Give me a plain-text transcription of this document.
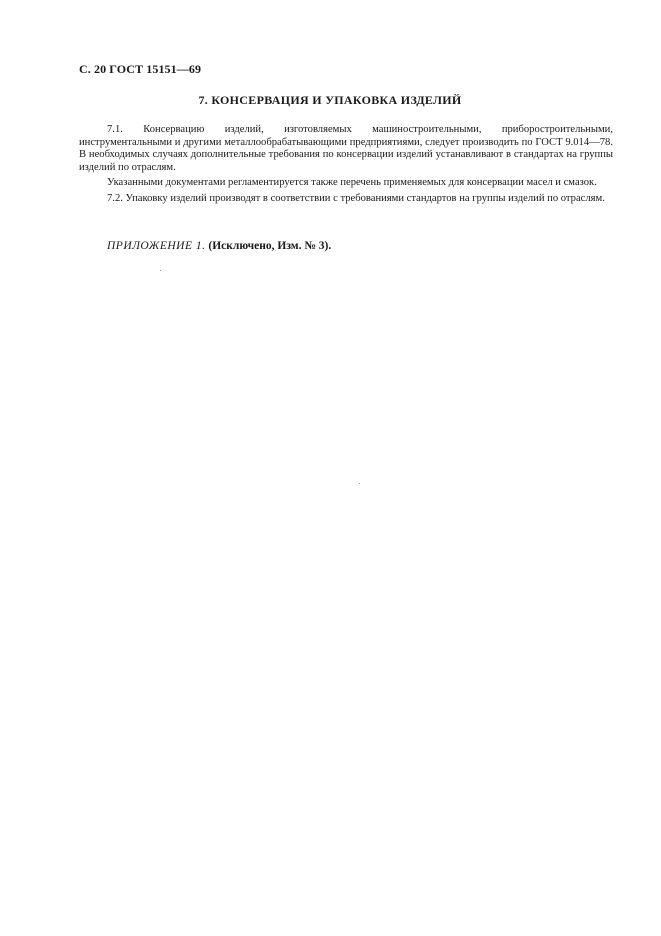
С. 20 ГОСТ 15151—69
7. КОНСЕРВАЦИЯ И УПАКОВКА ИЗДЕЛИЙ

7.1. Консервацию изделий, изготовляемых машиностроительными, приборостроительными, инструментальными и другими металлообрабатывающими предприятиями, следует производить по ГОСТ 9.014—78. В необходимых случаях дополнительные требования по консервации изделий устанавливают в стандартах на группы изделий по отраслям.

Указанными документами регламентируется также перечень применяемых для консервации масел и смазок.

7.2. Упаковку изделий производят в соответствии с требованиями стандартов на группы изделий по отраслям.

ПРИЛОЖЕНИЕ 1. (Исключено, Изм. № 3).
